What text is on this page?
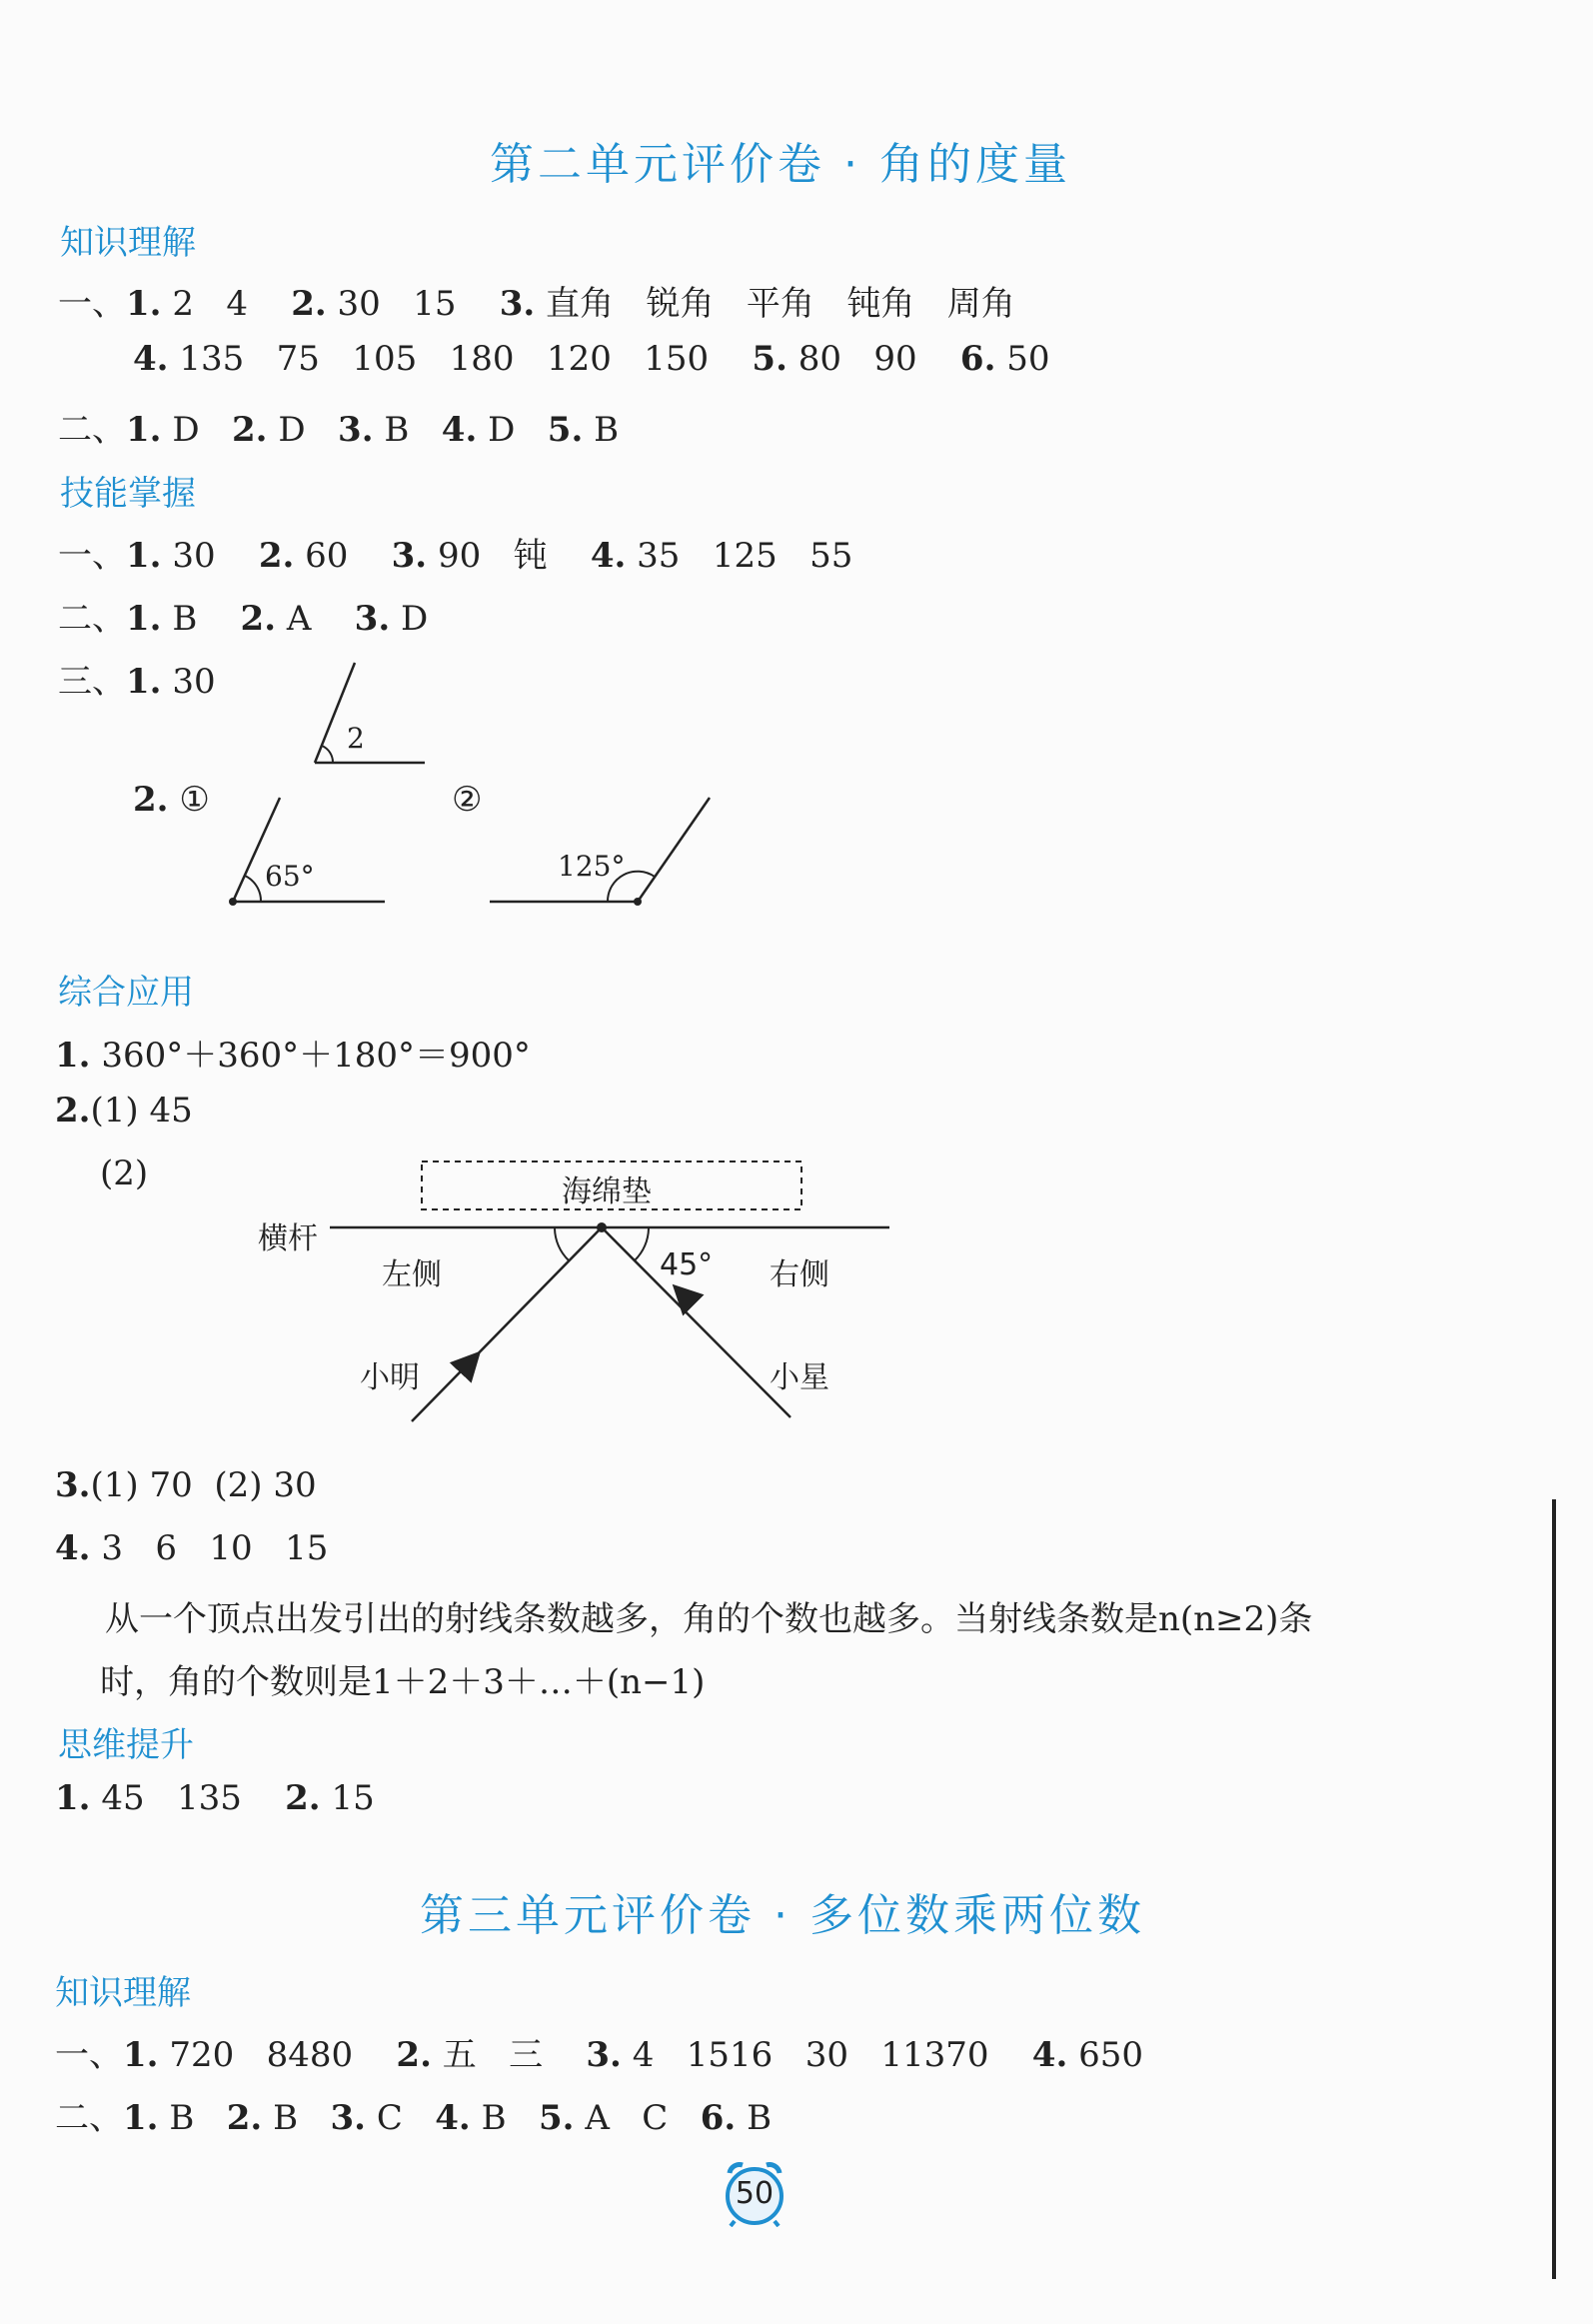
第二单元评价卷 · 角的度量
知识理解
一、1. 2   4 2. 30   15 3. 直角   锐角   平角   钝角   周角
4. 135   75   105   180   120   150 5. 80   90 6. 50
二、1. D 2. D 3. B 4. D 5. B
技能掌握
一、1. 30 2. 60 3. 90   钝 4. 35   125   55
二、1. B 2. A 3. D
三、1. 30
2
2. ①	②
65°	125°
综合应用
1. 360°＋360°＋180°＝900°
2.(1) 45
(2)	海绵垫
横杆
左侧	45° 右侧
小明	小星
3.(1) 70  (2) 30
4. 3   6   10   15
从一个顶点出发引出的射线条数越多，角的个数也越多。当射线条数是n(n≥2)条
时，角的个数则是1＋2＋3＋…＋(n−1)
思维提升
1. 45   135 2. 15
第三单元评价卷 · 多位数乘两位数
知识理解
一、1. 720   8480 2. 五   三 3. 4   1516   30   11370 4. 650
二、1. B 2. B 3. C 4. B 5. A   C 6. B
50
